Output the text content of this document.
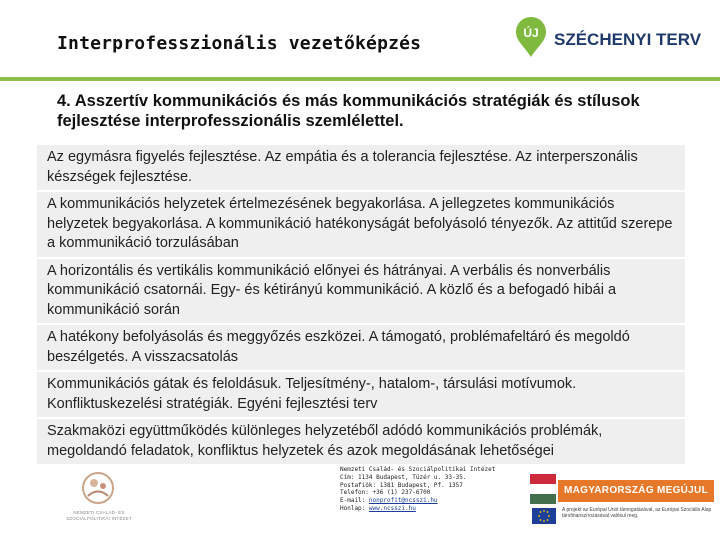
Interprofesszionális vezetőképzés	ÚJ SZÉCHENYI TERV
4. Asszertív kommunikációs és más kommunikációs stratégiák és stílusok fejlesztése interprofesszionális szemlélettel.
Az egymásra figyelés fejlesztése. Az empátia és a tolerancia fejlesztése. Az interperszonális készségek fejlesztése.
A kommunikációs helyzetek értelmezésének begyakorlása. A jellegzetes kommunikációs helyzetek begyakorlása. A kommunikáció hatékonyságát befolyásoló tényezők. Az attitűd szerepe a kommunikáció torzulásában
A horizontális és vertikális kommunikáció előnyei és hátrányai. A verbális és nonverbális kommunikáció csatornái. Egy- és kétirányú kommunikáció. A közlő és a befogadó hibái a kommunikáció során
A hatékony befolyásolás és meggyőzés eszközei. A támogató, problémafeltáró és megoldó beszélgetés. A visszacsatolás
Kommunikációs gátak és feloldásuk. Teljesítmény-, hatalom-, társulási motívumok. Konfliktuskezelési stratégiák. Egyéni fejlesztési terv
Szakmaközi együttműködés különleges helyzetéből adódó kommunikációs problémák, megoldandó feladatok, konfliktus helyzetek és azok megoldásának lehetőségei
NEMZETI CSALÁD- ÉS SZOCIÁLPOLITIKAI INTÉZET
Nemzeti Család- és Szociálpolitikai Intézet
Cím: 1134 Budapest, Tüzér u. 33-35.
Postafiók: 1381 Budapest, Pf. 1357
Telefon: +36 (1) 237-6700
E-mail: nonprofit@ncsszi.hu
Honlap: www.ncsszi.hu
MAGYARORSZÁG MEGÚJUL
A projekt az Európai Unió támogatásával, az Európai Szociális Alap társfinanszírozásával valósul meg.
